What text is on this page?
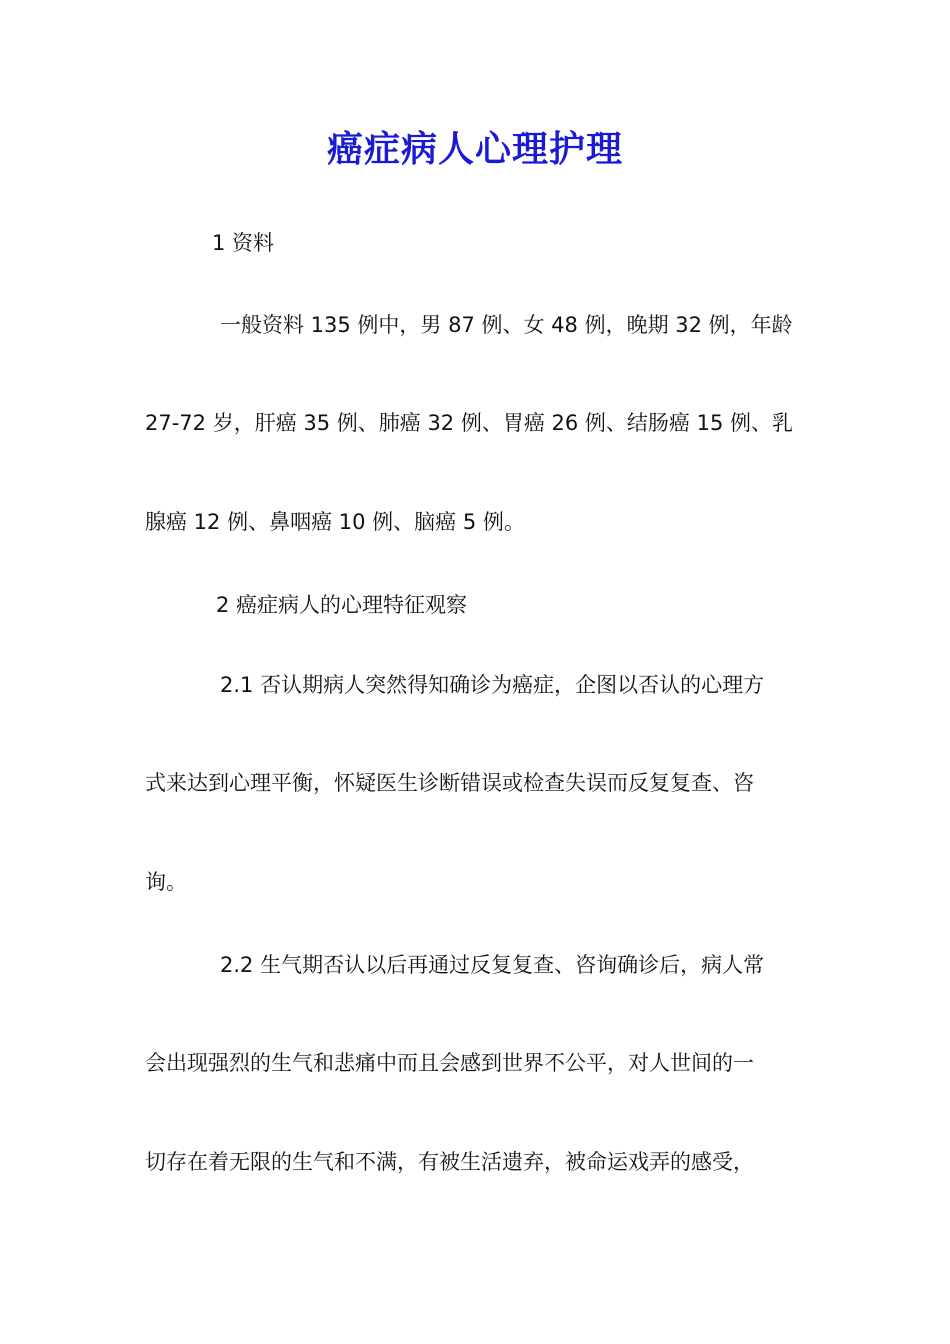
癌症病人心理护理

1 资料

一般资料 135 例中，男 87 例、女 48 例，晚期 32 例，年龄

27-72 岁，肝癌 35 例、肺癌 32 例、胃癌 26 例、结肠癌 15 例、乳

腺癌 12 例、鼻咽癌 10 例、脑癌 5 例。

2 癌症病人的心理特征观察

2.1 否认期病人突然得知确诊为癌症，企图以否认的心理方

式来达到心理平衡，怀疑医生诊断错误或检查失误而反复复查、咨

询。

2.2 生气期否认以后再通过反复复查、咨询确诊后，病人常

会出现强烈的生气和悲痛中而且会感到世界不公平，对人世间的一

切存在着无限的生气和不满，有被生活遗弃，被命运戏弄的感受，
